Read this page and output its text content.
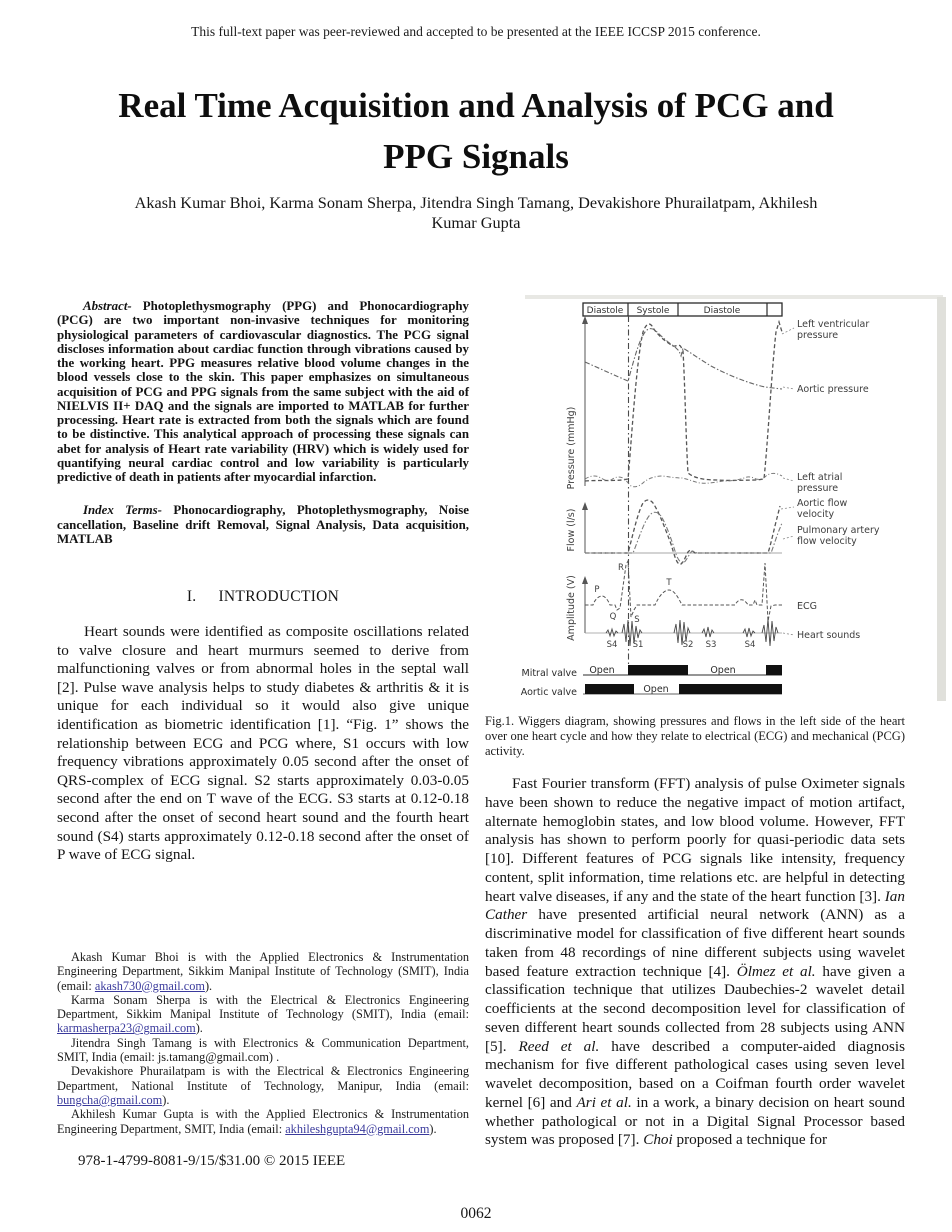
This full-text paper was peer-reviewed and accepted to be presented at the IEEE ICCSP 2015 conference.
Real Time Acquisition and Analysis of PCG and
PPG Signals
Akash Kumar Bhoi, Karma Sonam Sherpa, Jitendra Singh Tamang, Devakishore Phurailatpam, Akhilesh
Kumar Gupta

Abstract- Photoplethysmography (PPG) and Phonocardiography (PCG) are two important non-invasive techniques for monitoring physiological parameters of cardiovascular diagnostics. The PCG signal discloses information about cardiac function through vibrations caused by the working heart. PPG measures relative blood volume changes in the blood vessels close to the skin. This paper emphasizes on simultaneous acquisition of PCG and PPG signals from the same subject with the aid of NIELVIS II+ DAQ and the signals are imported to MATLAB for further processing. Heart rate is extracted from both the signals which are found to be distinctive. This analytical approach of processing these signals can abet for analysis of Heart rate variability (HRV) which is widely used for quantifying neural cardiac control and low variability is particularly predictive of death in patients after myocardial infarction.

Index Terms- Phonocardiography, Photoplethysmography, Noise cancellation, Baseline drift Removal, Signal Analysis, Data acquisition, MATLAB

I. INTRODUCTION

Heart sounds were identified as composite oscillations related to valve closure and heart murmurs seemed to derive from malfunctioning valves or from abnormal holes in the septal wall [2]. Pulse wave analysis helps to study diabetes & arthritis & it is unique for each individual so it would also give unique identification as biometric identification [1]. “Fig. 1” shows the relationship between ECG and PCG where, S1 occurs with low frequency vibrations approximately 0.05 second after the onset of QRS-complex of ECG signal. S2 starts approximately 0.03-0.05 second after the end on T wave of the ECG. S3 starts at 0.12-0.18 second after the onset of second heart sound and the fourth heart sound (S4) starts approximately 0.12-0.18 second after the onset of P wave of ECG signal.

Akash Kumar Bhoi is with the Applied Electronics & Instrumentation Engineering Department, Sikkim Manipal Institute of Technology (SMIT), India (email: akash730@gmail.com).

Karma Sonam Sherpa is with the Electrical & Electronics Engineering Department, Sikkim Manipal Institute of Technology (SMIT), India (email: karmasherpa23@gmail.com).

Jitendra Singh Tamang is with Electronics & Communication Department, SMIT, India (email: js.tamang@gmail.com) .

Devakishore Phurailatpam is with the Electrical & Electronics Engineering Department, National Institute of Technology, Manipur, India (email: bungcha@gmail.com).

Akhilesh Kumar Gupta is with the Applied Electronics & Instrumentation Engineering Department, SMIT, India (email: akhileshgupta94@gmail.com).

978-1-4799-8081-9/15/$31.00 © 2015 IEEE
Diastole Systole	Diastole
Pressure (mmHg)
Flow (l/s)
Amplitude (V) P
Q
R
S
T
S4 S1	S2 S3	S4
Mitral valve Open	Open
Aortic valve	Open
Left ventricular
pressure
Aortic pressure
Left atrial
pressure
Aortic flow
velocity
Pulmonary artery
flow velocity
ECG
Heart sounds

Fig.1. Wiggers diagram, showing pressures and flows in the left side of the heart over one heart cycle and how they relate to electrical (ECG) and mechanical (PCG) activity.

Fast Fourier transform (FFT) analysis of pulse Oximeter signals have been shown to reduce the negative impact of motion artifact, alternate hemoglobin states, and low blood volume. However, FFT analysis has shown to perform poorly for quasi-periodic data sets [10]. Different features of PCG signals like intensity, frequency content, split information, time relations etc. are helpful in detecting heart valve diseases, if any and the state of the heart function [3]. Ian Cather have presented artificial neural network (ANN) as a discriminative model for classification of five different heart sounds taken from 48 recordings of nine different subjects using wavelet based feature extraction technique [4]. Ölmez et al. have given a classification technique that utilizes Daubechies-2 wavelet detail coefficients at the second decomposition level for classification of seven different heart sounds collected from 28 subjects using ANN [5]. Reed et al. have described a computer-aided diagnosis mechanism for five different pathological cases using seven level wavelet decomposition, based on a Coifman fourth order wavelet kernel [6] and Ari et al. in a work, a binary decision on heart sound whether pathological or not in a Digital Signal Processor based system was proposed [7]. Choi proposed a technique for

0062
